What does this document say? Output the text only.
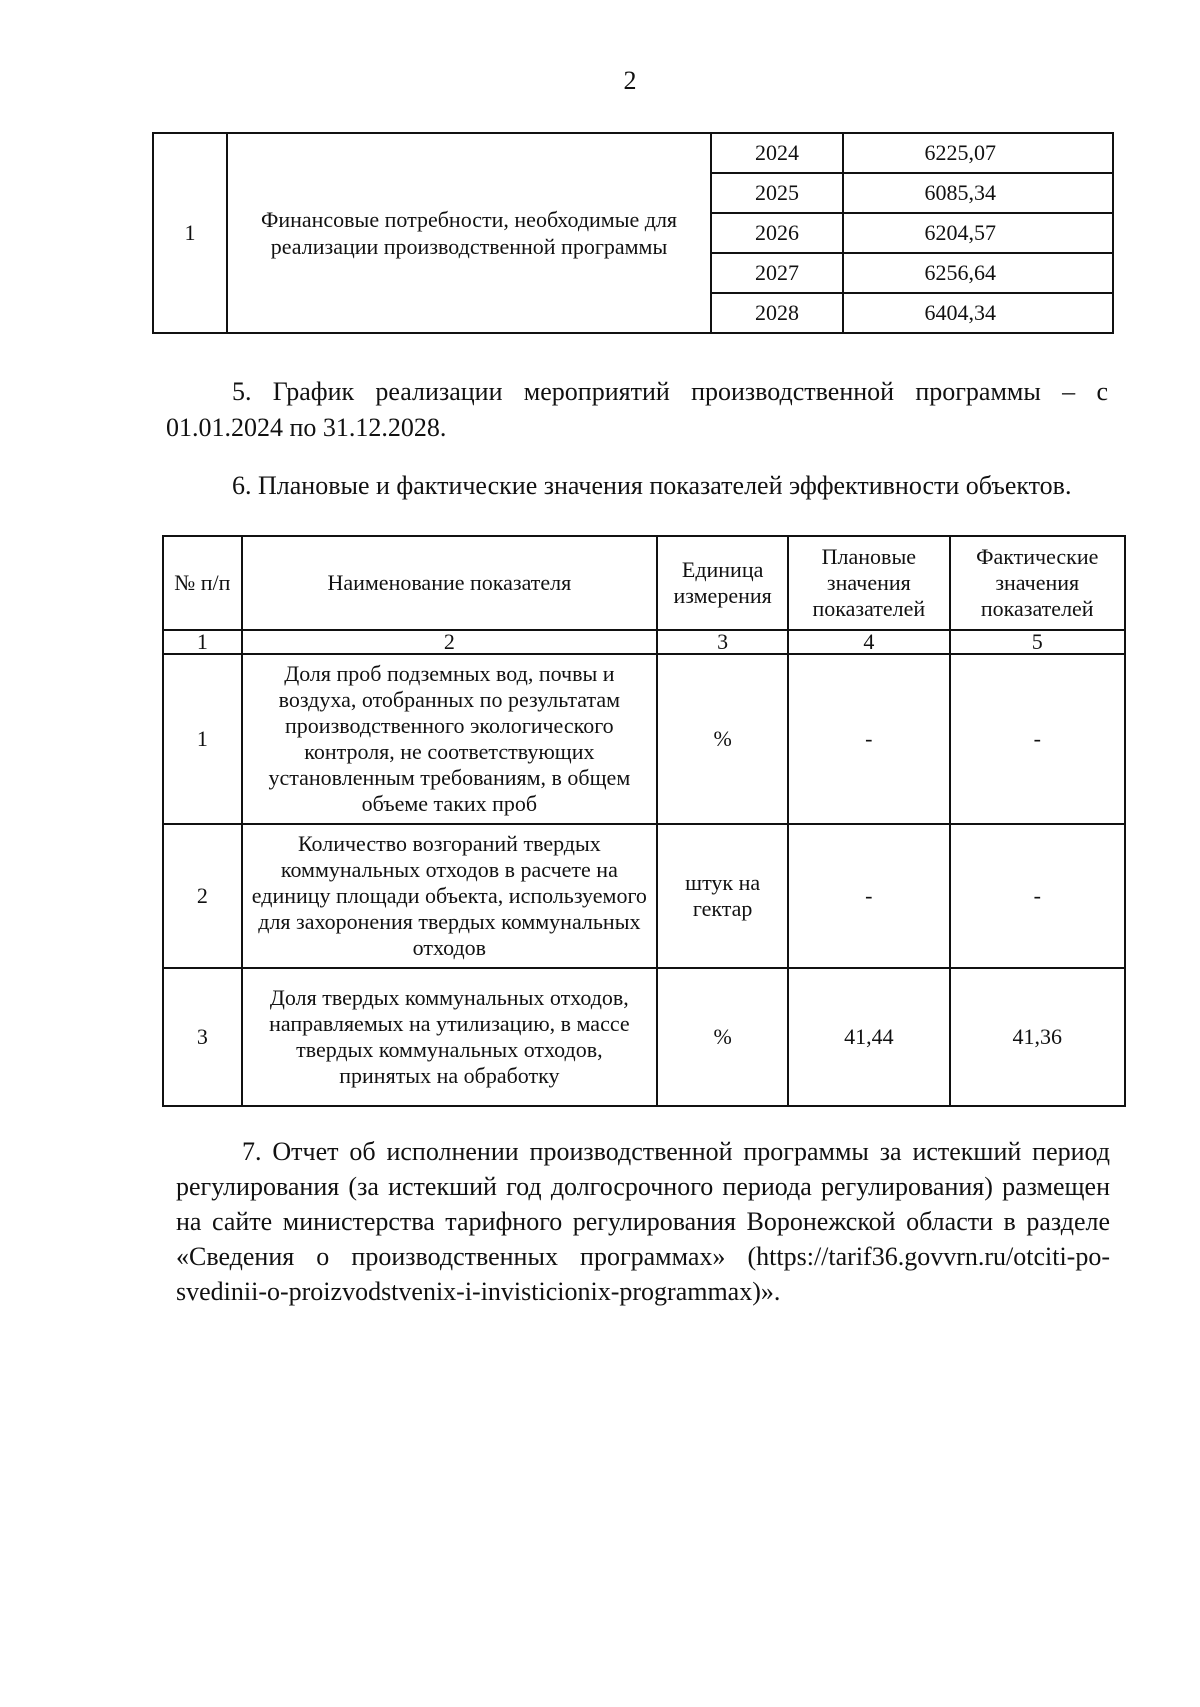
2
1	Финансовые потребности, необходимые для реализации производственной программы	2024	6225,07
		2025	6085,34
		2026	6204,57
		2027	6256,64
		2028	6404,34

5. График реализации мероприятий производственной программы – с 01.01.2024 по 31.12.2028.

6. Плановые и фактические значения показателей эффективности объектов.

№ п/п	Наименование показателя	Единица измерения	Плановые значения показателей	Фактические значения показателей
1	2	3	4	5
1	Доля проб подземных вод, почвы и воздуха, отобранных по результатам производственного экологического контроля, не соответствующих установленным требованиям, в общем объеме таких проб	%	-	-
2	Количество возгораний твердых коммунальных отходов в расчете на единицу площади объекта, используемого для захоронения твердых коммунальных отходов	штук на гектар	-	-
3	Доля твердых коммунальных отходов, направляемых на утилизацию, в массе твердых коммунальных отходов, принятых на обработку	%	41,44	41,36

7. Отчет об исполнении производственной программы за истекший период регулирования (за истекший год долгосрочного периода регулирования) размещен на сайте министерства тарифного регулирования Воронежской области в разделе «Сведения о производственных программах» (https://tarif36.govvrn.ru/otciti-po-svedinii-o-proizvodstvenix-i-invisticionix-programmax)».
